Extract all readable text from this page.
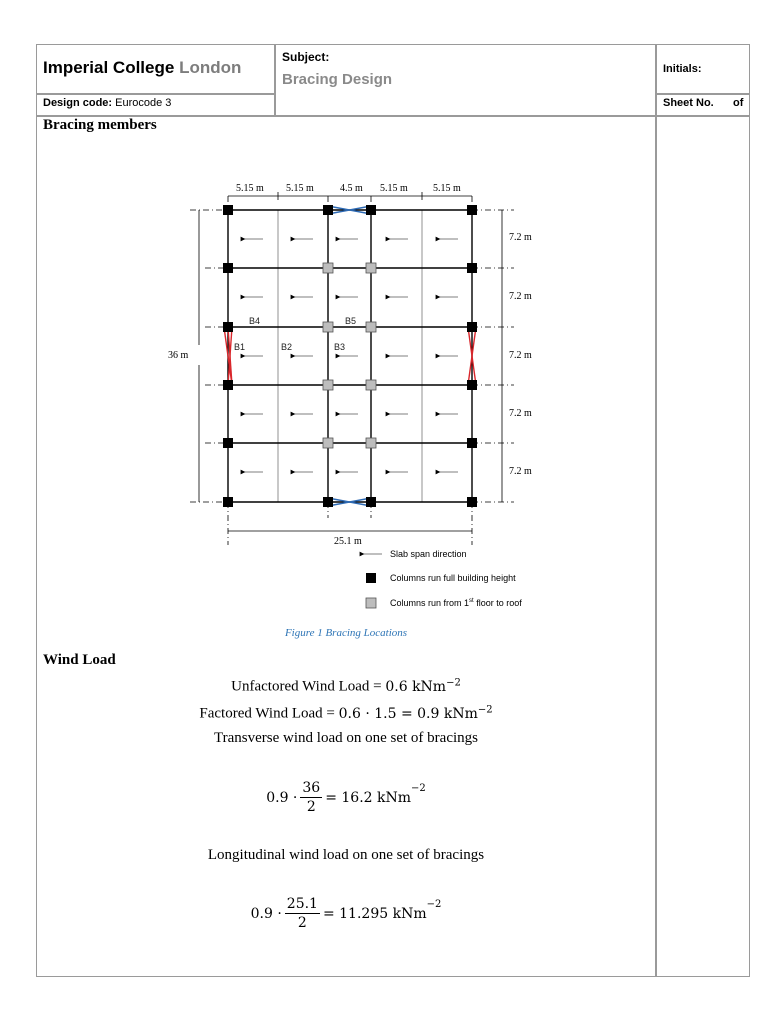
Imperial College London
Subject:
Bracing Design
Initials:
Design code: Eurocode 3	Sheet No. of
Bracing members
5.15 m 5.15 m	4.5 m 5.15 m	5.15 m
7.2 m
7.2 m
7.2 m
7.2 m
7.2 m
36 m
25.1 m
B4	B5
B1	B2	B3
Slab span direction
Columns run full building height
Columns run from 1st floor to roof
Figure 1 Bracing Locations
Wind Load
Unfactored Wind Load = 0.6 kNm$^{-2}$
Factored Wind Load = 0.6 · 1.5 = 0.9 kNm$^{-2}$
Transverse wind load on one set of bracings
$0.9 \cdot \frac{36}{2} = 16.2$ kNm
$^{-2}$
Longitudinal wind load on one set of bracings
$0.9 \cdot \frac{25.1}{2} = 11.295$ kNm
$^{-2}$
